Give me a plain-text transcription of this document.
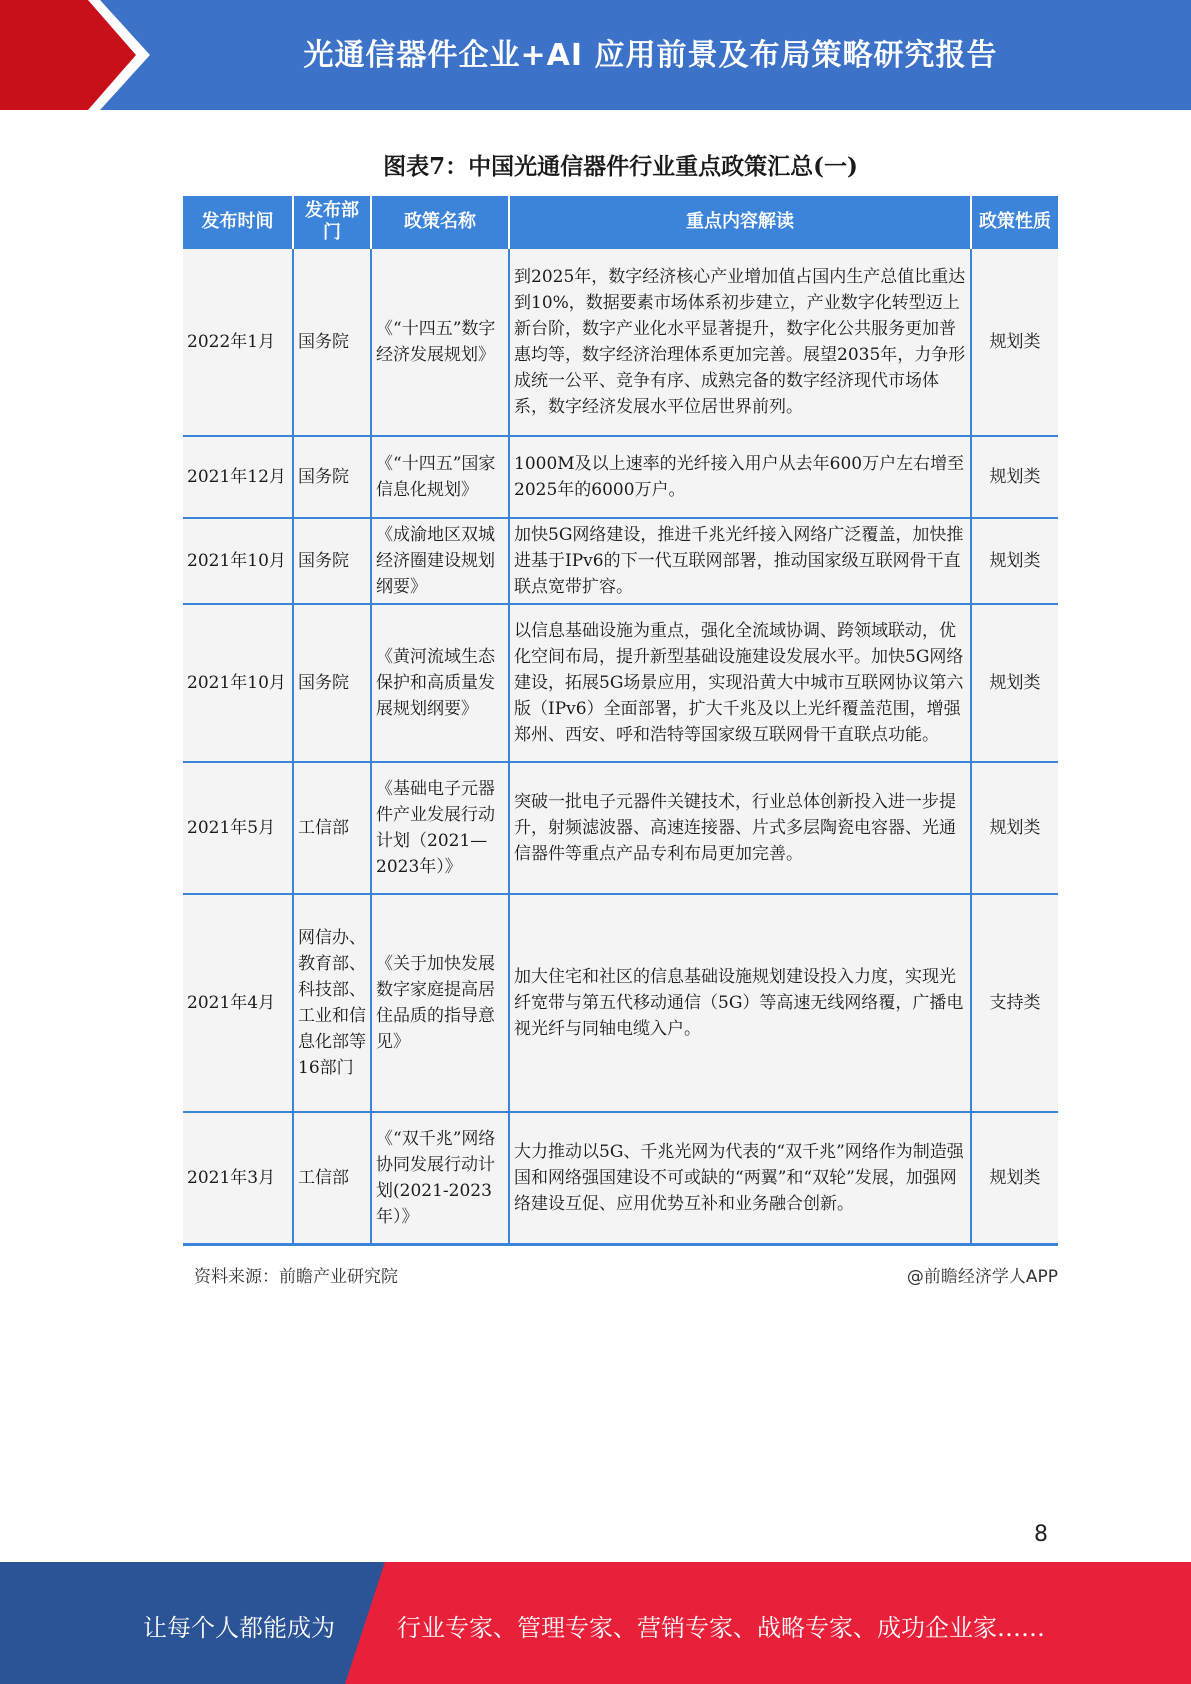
光通信器件企业+AI 应用前景及布局策略研究报告
图表7：中国光通信器件行业重点政策汇总(一)
发布时间	发布部门	政策名称	重点内容解读	政策性质
2022年1月	国务院	《“十四五”数字经济发展规划》	到2025年，数字经济核心产业增加值占国内生产总值比重达到10%，数据要素市场体系初步建立，产业数字化转型迈上新台阶，数字产业化水平显著提升，数字化公共服务更加普惠均等，数字经济治理体系更加完善。展望2035年，力争形成统一公平、竞争有序、成熟完备的数字经济现代市场体系，数字经济发展水平位居世界前列。	规划类
2021年12月	国务院	《“十四五”国家信息化规划》	1000M及以上速率的光纤接入用户从去年600万户左右增至2025年的6000万户。	规划类
2021年10月	国务院	《成渝地区双城经济圈建设规划纲要》	加快5G网络建设，推进千兆光纤接入网络广泛覆盖，加快推进基于IPv6的下一代互联网部署，推动国家级互联网骨干直联点宽带扩容。	规划类
2021年10月	国务院	《黄河流域生态保护和高质量发展规划纲要》	以信息基础设施为重点，强化全流域协调、跨领域联动，优化空间布局，提升新型基础设施建设发展水平。加快5G网络建设，拓展5G场景应用，实现沿黄大中城市互联网协议第六版（IPv6）全面部署，扩大千兆及以上光纤覆盖范围，增强郑州、西安、呼和浩特等国家级互联网骨干直联点功能。	规划类
2021年5月	工信部	《基础电子元器件产业发展行动计划（2021—2023年）》	突破一批电子元器件关键技术，行业总体创新投入进一步提升，射频滤波器、高速连接器、片式多层陶瓷电容器、光通信器件等重点产品专利布局更加完善。	规划类
2021年4月	网信办、教育部、科技部、工业和信息化部等16部门	《关于加快发展数字家庭提高居住品质的指导意见》	加大住宅和社区的信息基础设施规划建设投入力度，实现光纤宽带与第五代移动通信（5G）等高速无线网络覆，广播电视光纤与同轴电缆入户。	支持类
2021年3月	工信部	《“双千兆”网络协同发展行动计划(2021-2023年）》	大力推动以5G、千兆光网为代表的“双千兆”网络作为制造强国和网络强国建设不可或缺的“两翼”和“双轮”发展，加强网络建设互促、应用优势互补和业务融合创新。	规划类
资料来源：前瞻产业研究院	@前瞻经济学人APP
8
让每个人都能成为	行业专家、管理专家、营销专家、战略专家、成功企业家……
